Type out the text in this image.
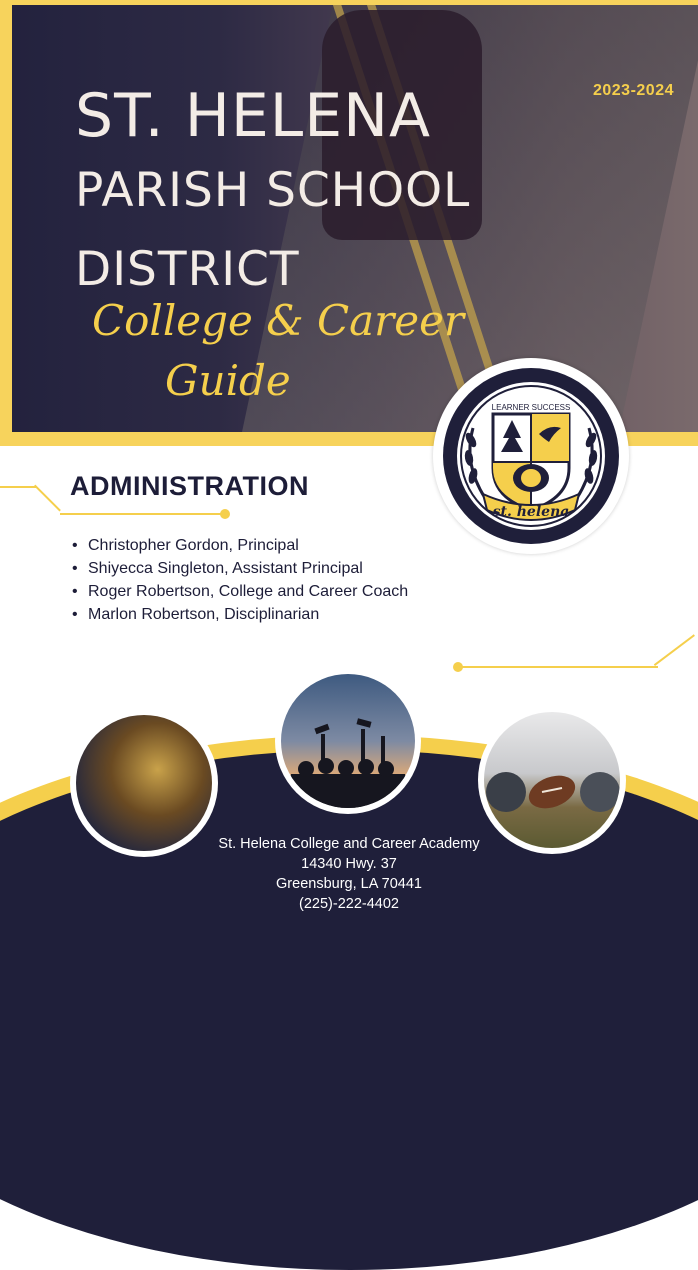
2023-2024
ST. HELENA
PARISH SCHOOL
DISTRICT
College & Career
Guide
st. helena
LEARNER SUCCESS
ADMINISTRATION
• Christopher Gordon, Principal
• Shiyecca Singleton, Assistant Principal
• Roger Robertson, College and Career Coach
• Marlon Robertson, Disciplinarian
St. Helena College and Career Academy
14340 Hwy. 37
Greensburg, LA 70441
(225)-222-4402
